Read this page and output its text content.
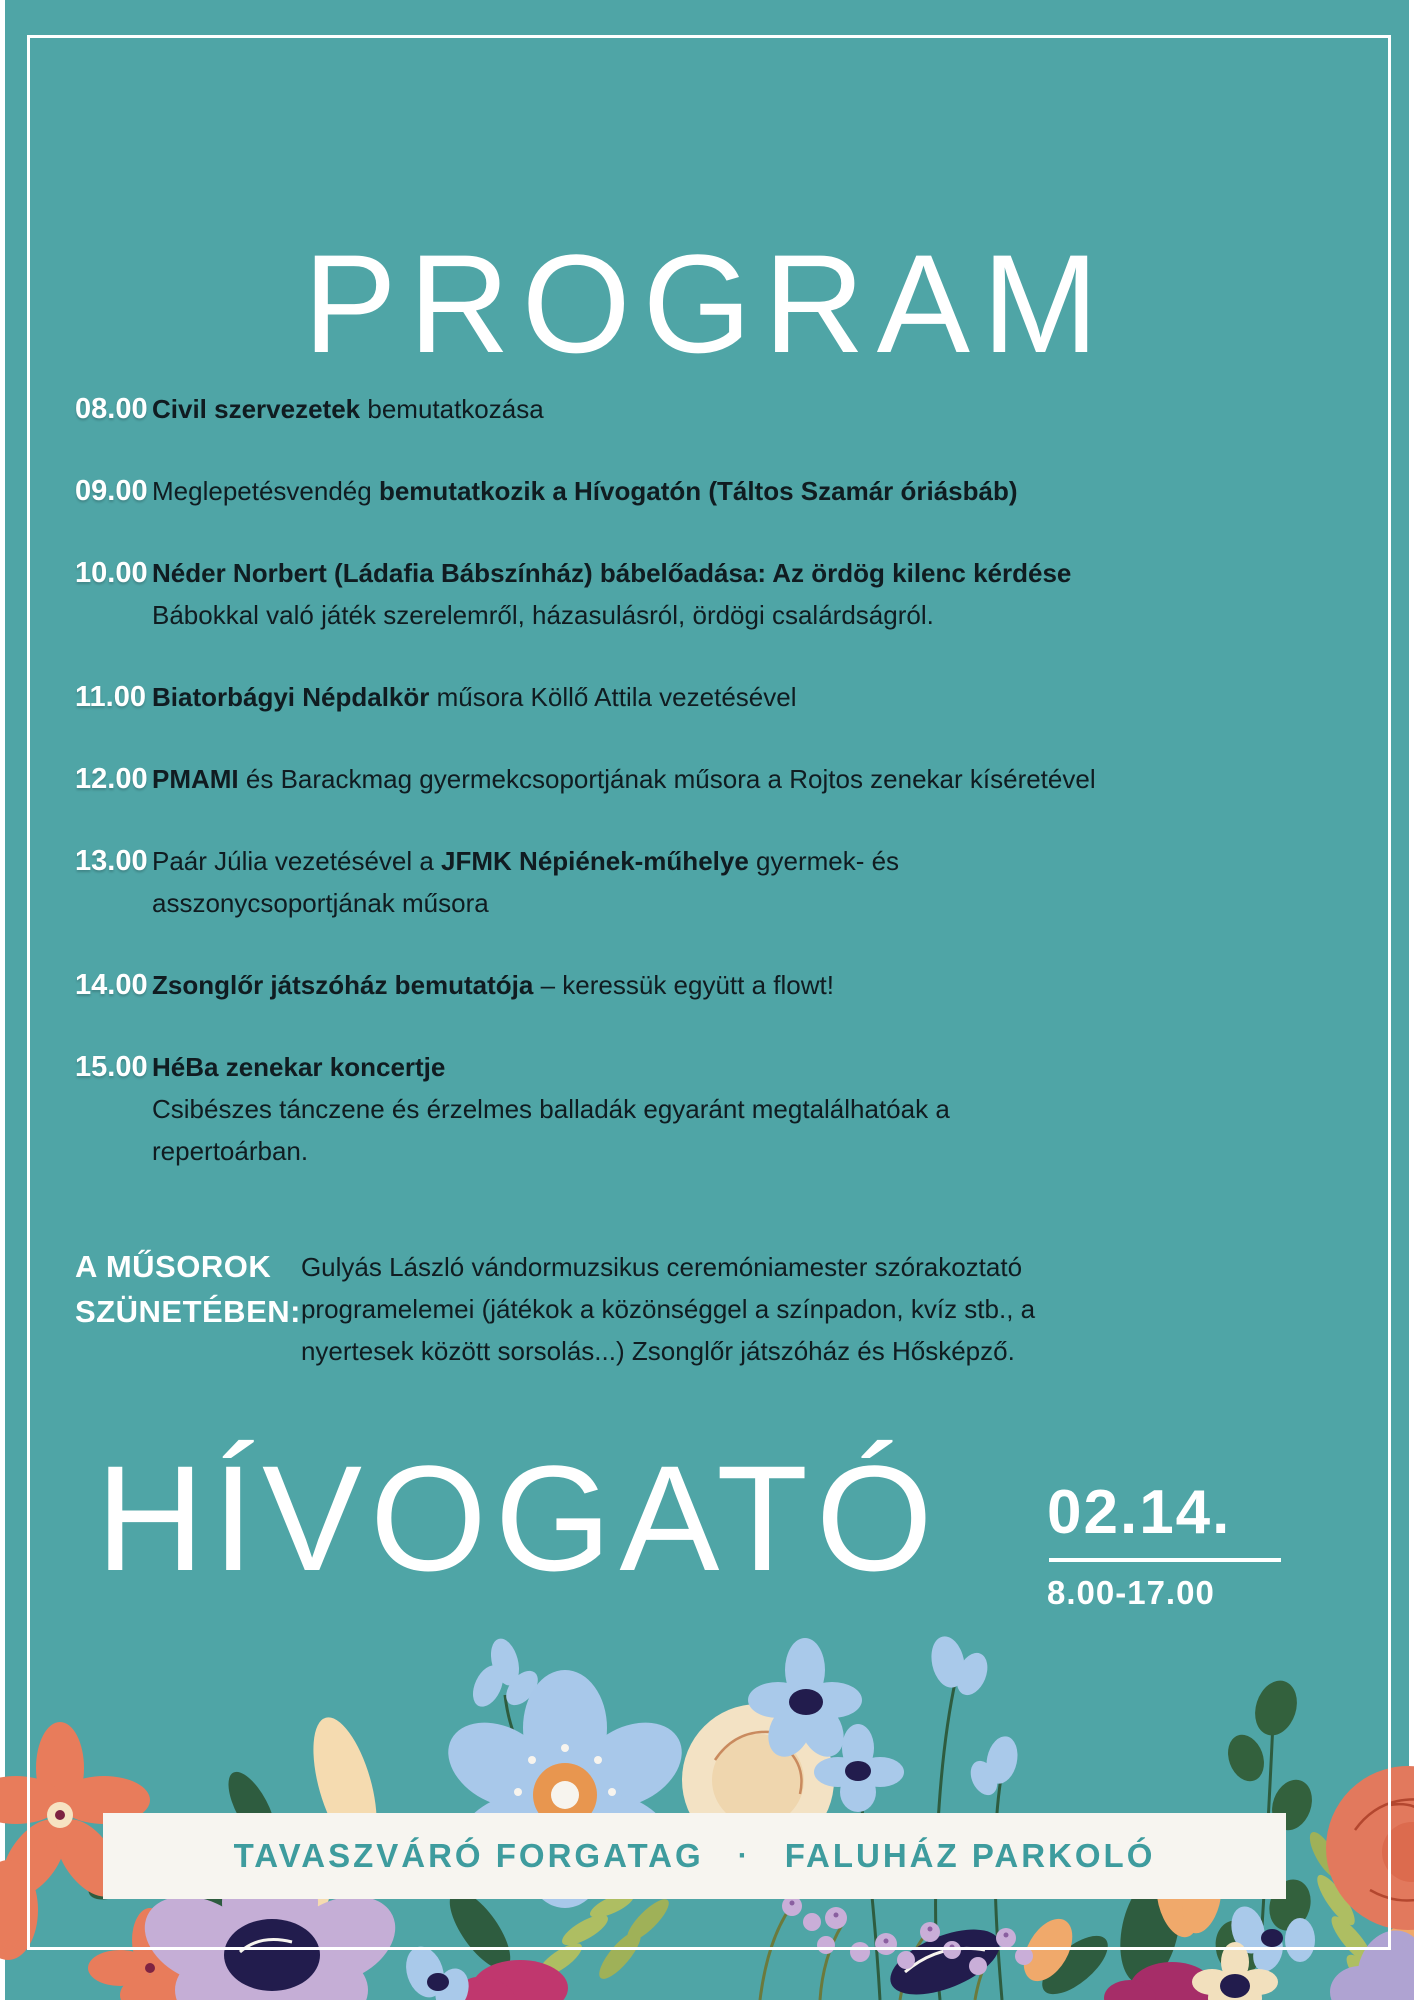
PROGRAM
08.00 Civil szervezetek bemutatkozása
09.00 Meglepetésvendég bemutatkozik a Hívogatón (Táltos Szamár óriásbáb)
10.00 Néder Norbert (Ládafia Bábszínház) bábelőadása: Az ördög kilenc kérdése
Bábokkal való játék szerelemről, házasulásról, ördögi csalárdságról.
11.00 Biatorbágyi Népdalkör műsora Köllő Attila vezetésével
12.00 PMAMI és Barackmag gyermekcsoportjának műsora a Rojtos zenekar kíséretével
13.00 Paár Júlia vezetésével a JFMK Népiének-műhelye gyermek- és
asszonycsoportjának műsora
14.00 Zsonglőr játszóház bemutatója – keressük együtt a flowt!
15.00 HéBa zenekar koncertje
Csibészes tánczene és érzelmes balladák egyaránt megtalálhatóak a
repertoárban.
A MŰSOROK SZÜNETÉBEN:
Gulyás László vándormuzsikus ceremóniamester szórakoztató
programelemei (játékok a közönséggel a színpadon, kvíz stb., a
nyertesek között sorsolás...) Zsonglőr játszóház és Hősképző.
HÍVOGATÓ 02.14.
8.00-17.00
TAVASZVÁRÓ FORGATAG · FALUHÁZ PARKOLÓ
